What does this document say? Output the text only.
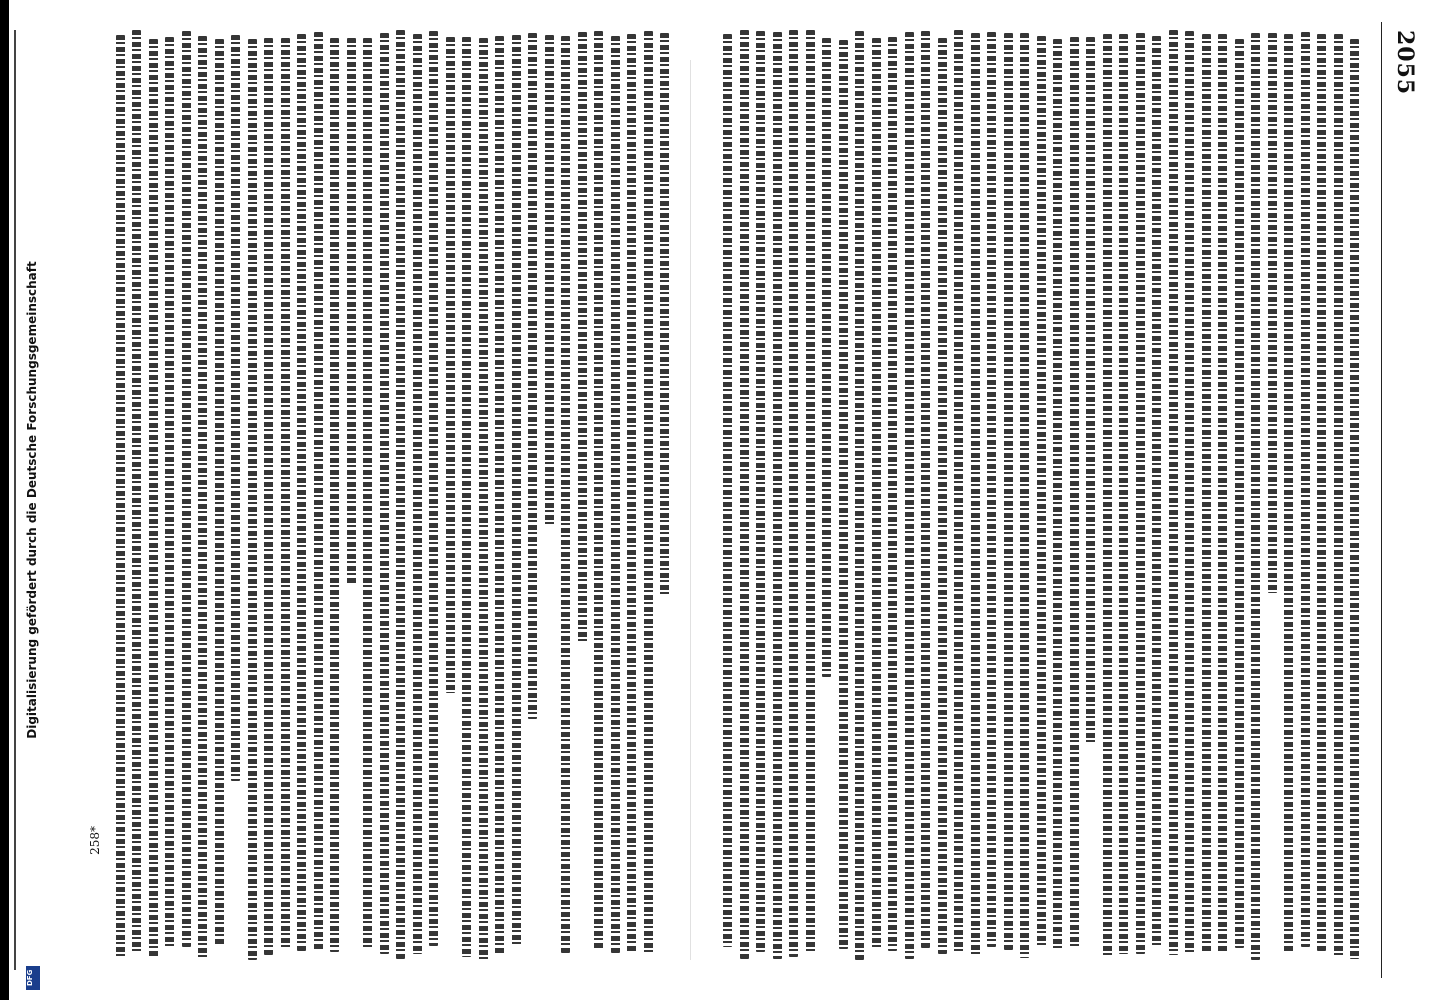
Digitalisierung gefördert durch die Deutsche Forschungsgemeinschaft
DFG
2055
258*
